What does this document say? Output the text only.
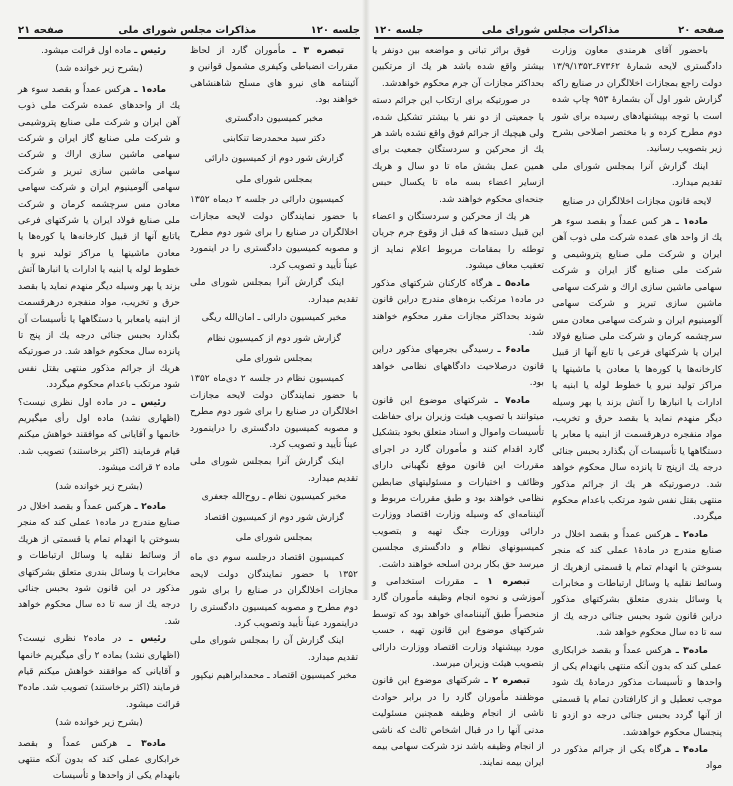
جلسه ۱۲۰
مذاکرات مجلس شورای ملی
صفحه ۲۱
تبصره ۳ ـ مأموران گارد از لحاظ مقررات انضباطی وکیفری مشمول قوانین و آئیننامه های نیرو های مسلح شاهنشاهی خواهند بود.
مخبر کمیسیون دادگستری
دکتر سید محمدرضا تنکابنی
گزارش شور دوم از کمیسیون دارائی
بمجلس شورای ملی
کمیسیون دارائی در جلسه ۲ دیماه ۱۳۵۲ با حضور نمایندگان دولت لایحه مجازات اخلالگران در صنایع را برای شور دوم مطرح و مصوبه کمیسیون دادگستری را در اینمورد عیناً تأیید و تصویب کرد.
اینک گزارش آنرا بمجلس شورای ملی تقدیم میدارد.
مخبر کمیسیون دارائی ـ امان‌الله ریگی
گزارش شور دوم از کمیسیون نظام
بمجلس شورای ملی
کمیسیون نظام در جلسه ۲ دی‌ماه ۱۳۵۲ با حضور نمایندگان دولت لایحه مجازات اخلالگران در صنایع را برای شور دوم مطرح و مصوبه کمیسیون دادگستری را دراینمورد عیناً تأیید و تصویب کرد.
اینک گزارش آنرا بمجلس شورای ملی تقدیم میدارد.
مخبر کمیسیون نظام ـ روح‌الله جعفری
گزارش شور دوم از کمیسیون اقتصاد
بمجلس شورای ملی
کمیسیون اقتصاد درجلسه سوم دی ماه ۱۳۵۲ با حضور نمایندگان دولت لایحه مجازات اخلالگران در صنایع را برای شور دوم مطرح و مصوبه کمیسیون دادگستری را دراینمورد عیناً تأیید وتصویب کرد.
اینک گزارش آن را بمجلس شورای ملی تقدیم میدارد.
مخبر کمیسیون اقتصاد ـ محمدابراهیم نیکپور
رئیس ـ ماده اول قرائت میشود.
(بشرح زیر خوانده شد)
ماده۱ ـ هرکس عمداً و بقصد سوء هر یك از واحدهای عمده شرکت ملی ذوب آهن ایران و شرکت ملی صنایع پتروشیمی و شرکت ملی صنایع گاز ایران و شرکت سهامی ماشین سازی اراك و شرکت سهامی ماشین سازی تبریز و شرکت سهامی آلومینیوم ایران و شرکت سهامی معادن مس سرچشمه کرمان و شرکت ملی صنایع فولاد ایران یا شرکتهای فرعی یاتابع آنها از قبیل کارخانه‌ها یا کوره‌ها یا معادن ماشینها یا مراکز تولید نیرو یا خطوط لوله یا ابنیه یا ادارات یا انبارها آتش بزند یا بهر وسیله دیگر منهدم نماید یا بقصد حرق و تخریب، مواد منفجره درهرقسمت از ابنیه یامعابر یا دستگاهها یا تأسیسات آن بگذارد بحبس جنائی درجه یك از پنج تا پانزده سال محکوم خواهد شد. در صورتیکه هریك از جرائم مذکور منتهی بقتل نفس شود مرتکب باعدام محکوم میگردد.
رئیس ـ در ماده اول نظری نیست؟ (اظهاری نشد) ماده اول رأی میگیریم خانمها و آقایانی که موافقند خواهش میکنم قیام فرمایند (اکثر برخاستند) تصویب شد. ماده ۲ قرائت میشود.
(بشرح زیر خوانده شد)
ماده۲ ـ هرکس عمداً و بقصد اخلال در صنایع مندرج در ماده۱ عملی کند که منجر بسوختن یا انهدام تمام یا قسمتی از هریك از وسائط نقلیه یا وسائل ارتباطات و مخابرات یا وسائل بندری متعلق بشرکتهای مذکور در این قانون شود بحبس جنائی درجه یك از سه تا ده سال محکوم خواهد شد.
رئیس ـ در ماده۲ نظری نیست؟ (اظهاری نشد) بماده ۲ رأی میگیریم خانمها و آقایانی که موافقند خواهش میکنم قیام فرمایند (اکثر برخاستند) تصویب شد. ماده۳ قرائت میشود.
(بشرح زیر خوانده شد)
ماده۳ ـ هرکس عمداً و بقصد خرابکاری عملی کند که بدون آنکه منتهی بانهدام یکی از واحدها و تأسیسات
صفحه ۲۰
مذاکرات مجلس شورای ملی
جلسه ۱۲۰
باحضور آقای هرمندی معاون وزارت دادگستری لایحه شمارۀ ۶۷۳۶۲ـ۱۳/۹/۱۳۵۲ دولت راجع بمجازات اخلالگران در صنایع راکه گزارش شور اول آن بشمارۀ ۹۵۳ چاپ شده است با توجه بپیشنهادهای رسیده برای شور دوم مطرح کرده و با مختصر اصلاحی بشرح زیر بتصویب رسانید.
اینك گزارش آنرا بمجلس شورای ملی تقدیم میدارد.
لایحه قانون مجازات اخلالگران در صنایع
ماده۱ ـ هر کس عمداً و بقصد سوء هر یك از واحد های عمده شرکت ملی ذوب آهن ایران و شرکت ملی صنایع پتروشیمی و شرکت ملی صنایع گاز ایران و شرکت سهامی ماشین سازی اراك و شرکت سهامی ماشین سازی تبریز و شرکت سهامی آلومینیوم ایران و شرکت سهامی معادن مس سرچشمه کرمان و شرکت ملی صنایع فولاد ایران یا شرکتهای فرعی یا تابع آنها از قبیل کارخانه‌ها یا کوره‌ها یا معادن یا ماشینها یا مراکز تولید نیرو یا خطوط لوله یا ابنیه یا ادارات یا انبارها را آتش بزند یا بهر وسیله دیگر منهدم نماید یا بقصد حرق و تخریب، مواد منفجره درهرقسمت از ابنیه یا معابر یا دستگاهها یا تأسیسات آن بگذارد بحبس جنائی درجه یك ازپنج تا پانزده سال محکوم خواهد شد. درصورتیکه هر یك از جرائم مذکور منتهی بقتل نفس شود مرتکب باعدام محکوم میگردد.
ماده۲ ـ هرکس عمداً و بقصد اخلال در صنایع مندرج در مادۀ۱ عملی کند که منجر بسوختن یا انهدام تمام یا قسمتی ازهریك از وسائط نقلیه یا وسائل ارتباطات و مخابرات یا وسائل بندری متعلق بشرکتهای مذکور دراین قانون شود بحبس جنائی درجه یك از سه تا ده سال محکوم خواهد شد.
ماده۳ ـ هرکس عمداً و بقصد خرابکاری عملی کند که بدون آنکه منتهی بانهدام یکی از واحدها و تأسیسات مذکور درمادۀ یك شود موجب تعطیل و از کارافتادن تمام یا قسمتی از آنها گردد بحبس جنائی درجه دو ازدو تا پنجسال محکوم خواهدشد.
ماده۴ ـ هرگاه یکی از جرائم مذکور در مواد
فوق براثر تبانی و مواضعه بین دونفر یا بیشتر واقع شده باشد هر یك از مرتکبین بحداکثر مجازات آن جرم محکوم خواهدشد.
در صورتیکه برای ارتکاب این جرائم دسته یا جمعیتی از دو نفر یا بیشتر تشکیل شده، ولی هیچیك از جرائم فوق واقع نشده باشد هر یك از محرکین و سردستگان جمعیت برای همین عمل بشش ماه تا دو سال و هریك ازسایر اعضاء بسه ماه تا یکسال حبس جنحه‌ای محکوم خواهند شد.
هر یك از محرکین و سردستگان و اعضاء این قبیل دسته‌ها که قبل از وقوع جرم جریان توطئه را بمقامات مربوط اعلام نماید از تعقیب معاف میشود.
ماده۵ ـ هرگاه کارکنان شرکتهای مذکور در ماده۱ مرتکب بزه‌های مندرج دراین قانون شوند بحداکثر مجازات مقرر محکوم خواهند شد.
ماده۶ ـ رسیدگی بجرمهای مذکور دراین قانون درصلاحیت دادگاههای نظامی خواهد بود.
ماده۷ ـ شرکتهای موضوع این قانون میتوانند با تصویب هیئت وزیران برای حفاظت تأسیسات واموال و اسناد متعلق بخود بتشکیل گارد اقدام کنند و مأموران گارد در اجرای مقررات این قانون موقع نگهبانی دارای وظائف و اختیارات و مسئولیتهای ضابطین نظامی خواهند بود و طبق مقررات مربوط و آئیننامه‌ای که وسیله وزارت اقتصاد ووزارت دارائی ووزارت جنگ تهیه و بتصویب کمیسیونهای نظام و دادگستری مجلسین میرسد حق بکار بردن اسلحه خواهند داشت.
تبصره ۱ ـ مقررات استخدامی و آموزشی و نحوه انجام وظیفه مأموران گارد منحصراً طبق آئیننامه‌ای خواهد بود که توسط شرکتهای موضوع این قانون تهیه ، حسب مورد بپیشنهاد وزارت اقتصاد ووزارت دارائی بتصویب هیئت وزیران میرسد.
تبصره ۲ ـ شرکتهای موضوع این قانون موظفند مأموران گارد را در برابر حوادث ناشی از انجام وظیفه همچنین مسئولیت مدنی آنها را در قبال اشخاص ثالث که ناشی از انجام وظیفه باشد نزد شرکت سهامی بیمه ایران بیمه نمایند.
